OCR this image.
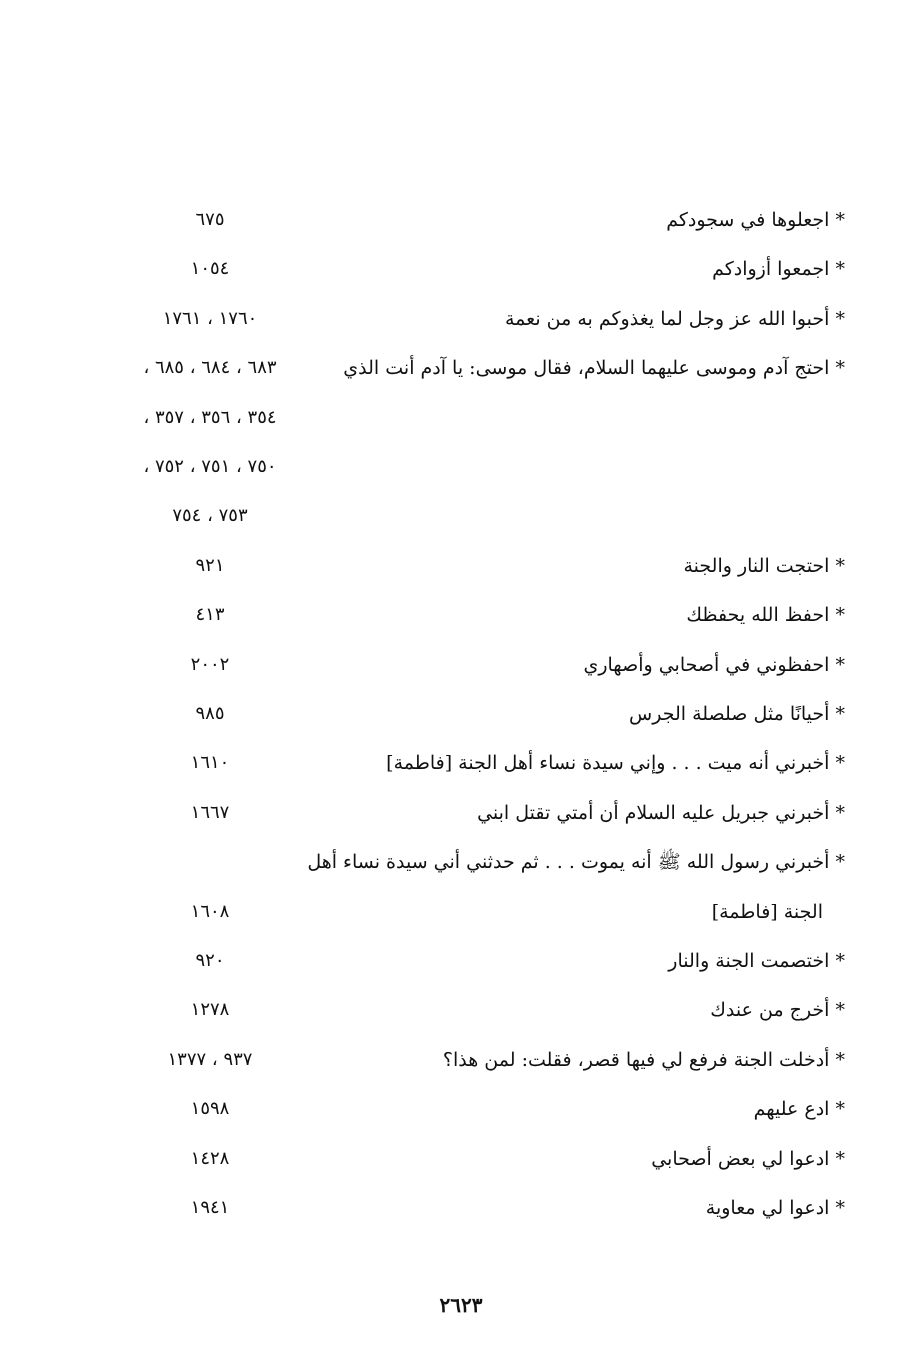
* اجعلوها في سجودكم
٦٧٥
* اجمعوا أزوادكم
١٠٥٤
* أحبوا الله عز وجل لما يغذوكم به من نعمة
١٧٦٠ ، ١٧٦١
* احتج آدم وموسى عليهما السلام، فقال موسى: يا آدم أنت الذي
٦٨٣ ، ٦٨٤ ، ٦٨٥ ،
٣٥٤ ، ٣٥٦ ، ٣٥٧ ،
٧٥٠ ، ٧٥١ ، ٧٥٢ ،
٧٥٣ ، ٧٥٤
* احتجت النار والجنة
٩٢١
* احفظ الله يحفظك
٤١٣
* احفظوني في أصحابي وأصهاري
٢٠٠٢
* أحيانًا مثل صلصلة الجرس
٩٨٥
* أخبرني أنه ميت . . . وإني سيدة نساء أهل الجنة [فاطمة]
١٦١٠
* أخبرني جبريل عليه السلام أن أمتي تقتل ابني
١٦٦٧
* أخبرني رسول الله ﷺ أنه يموت . . . ثم حدثني أني سيدة نساء أهل
الجنة [فاطمة]
١٦٠٨
* اختصمت الجنة والنار
٩٢٠
* أخرج من عندك
١٢٧٨
* أدخلت الجنة فرفع لي فيها قصر، فقلت: لمن هذا؟
٩٣٧ ، ١٣٧٧
* ادع عليهم
١٥٩٨
* ادعوا لي بعض أصحابي
١٤٢٨
* ادعوا لي معاوية
١٩٤١
٢٦٢٣
